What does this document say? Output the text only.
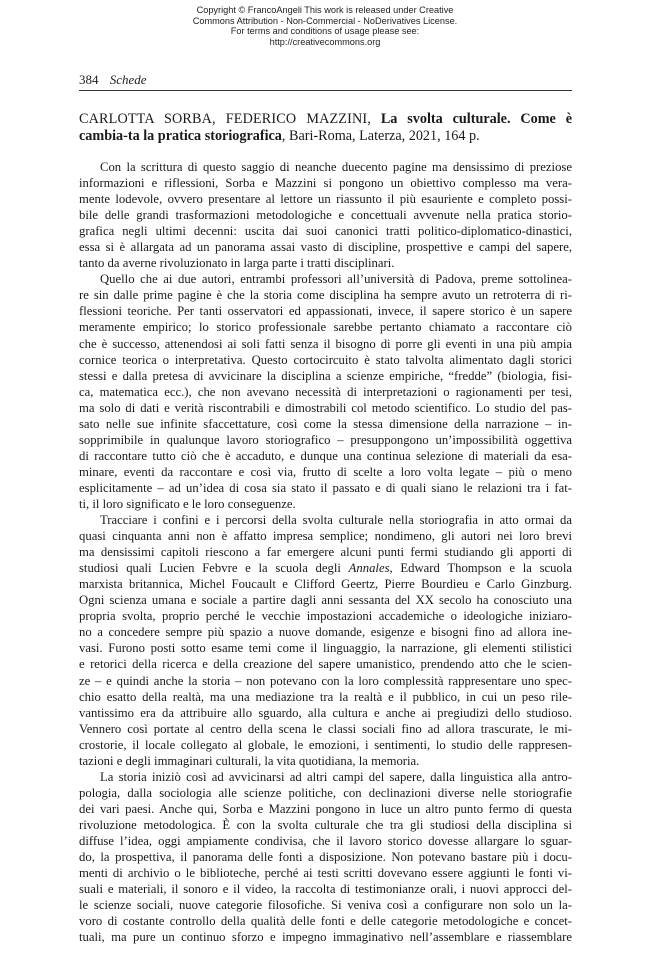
Copyright © FrancoAngeli This work is released under Creative
Commons Attribution - Non-Commercial - NoDerivatives License.
For terms and conditions of usage please see:
http://creativecommons.org
384 Schede
CARLOTTA SORBA, FEDERICO MAZZINI, La svolta culturale. Come è cambia-ta la pratica storiografica, Bari-Roma, Laterza, 2021, 164 p.
Con la scrittura di questo saggio di neanche duecento pagine ma densissimo di preziose
informazioni e riflessioni, Sorba e Mazzini si pongono un obiettivo complesso ma vera-
mente lodevole, ovvero presentare al lettore un riassunto il più esauriente e completo possi-
bile delle grandi trasformazioni metodologiche e concettuali avvenute nella pratica storio-
grafica negli ultimi decenni: uscita dai suoi canonici tratti politico-diplomatico-dinastici,
essa si è allargata ad un panorama assai vasto di discipline, prospettive e campi del sapere,
tanto da averne rivoluzionato in larga parte i tratti disciplinari.
Quello che ai due autori, entrambi professori all’università di Padova, preme sottolinea-
re sin dalle prime pagine è che la storia come disciplina ha sempre avuto un retroterra di ri-
flessioni teoriche. Per tanti osservatori ed appassionati, invece, il sapere storico è un sapere
meramente empirico; lo storico professionale sarebbe pertanto chiamato a raccontare ciò
che è successo, attenendosi ai soli fatti senza il bisogno di porre gli eventi in una più ampia
cornice teorica o interpretativa. Questo cortocircuito è stato talvolta alimentato dagli storici
stessi e dalla pretesa di avvicinare la disciplina a scienze empiriche, “fredde” (biologia, fisi-
ca, matematica ecc.), che non avevano necessità di interpretazioni o ragionamenti per tesi,
ma solo di dati e verità riscontrabili e dimostrabili col metodo scientifico. Lo studio del pas-
sato nelle sue infinite sfaccettature, così come la stessa dimensione della narrazione – in-
sopprimibile in qualunque lavoro storiografico – presuppongono un’impossibilità oggettiva
di raccontare tutto ciò che è accaduto, e dunque una continua selezione di materiali da esa-
minare, eventi da raccontare e così via, frutto di scelte a loro volta legate – più o meno
esplicitamente – ad un’idea di cosa sia stato il passato e di quali siano le relazioni tra i fat-
ti, il loro significato e le loro conseguenze.
Tracciare i confini e i percorsi della svolta culturale nella storiografia in atto ormai da
quasi cinquanta anni non è affatto impresa semplice; nondimeno, gli autori nei loro brevi
ma densissimi capitoli riescono a far emergere alcuni punti fermi studiando gli apporti di
studiosi quali Lucien Febvre e la scuola degli Annales, Edward Thompson e la scuola
marxista britannica, Michel Foucault e Clifford Geertz, Pierre Bourdieu e Carlo Ginzburg.
Ogni scienza umana e sociale a partire dagli anni sessanta del XX secolo ha conosciuto una
propria svolta, proprio perché le vecchie impostazioni accademiche o ideologiche iniziaro-
no a concedere sempre più spazio a nuove domande, esigenze e bisogni fino ad allora ine-
vasi. Furono posti sotto esame temi come il linguaggio, la narrazione, gli elementi stilistici
e retorici della ricerca e della creazione del sapere umanistico, prendendo atto che le scien-
ze – e quindi anche la storia – non potevano con la loro complessità rappresentare uno spec-
chio esatto della realtà, ma una mediazione tra la realtà e il pubblico, in cui un peso rile-
vantissimo era da attribuire allo sguardo, alla cultura e anche ai pregiudizi dello studioso.
Vennero così portate al centro della scena le classi sociali fino ad allora trascurate, le mi-
crostorie, il locale collegato al globale, le emozioni, i sentimenti, lo studio delle rappresen-
tazioni e degli immaginari culturali, la vita quotidiana, la memoria.
La storia iniziò così ad avvicinarsi ad altri campi del sapere, dalla linguistica alla antro-
pologia, dalla sociologia alle scienze politiche, con declinazioni diverse nelle storiografie
dei vari paesi. Anche qui, Sorba e Mazzini pongono in luce un altro punto fermo di questa
rivoluzione metodologica. È con la svolta culturale che tra gli studiosi della disciplina si
diffuse l’idea, oggi ampiamente condivisa, che il lavoro storico dovesse allargare lo sguar-
do, la prospettiva, il panorama delle fonti a disposizione. Non potevano bastare più i docu-
menti di archivio o le biblioteche, perché ai testi scritti dovevano essere aggiunti le fonti vi-
suali e materiali, il sonoro e il video, la raccolta di testimonianze orali, i nuovi approcci del-
le scienze sociali, nuove categorie filosofiche. Si veniva così a configurare non solo un la-
voro di costante controllo della qualità delle fonti e delle categorie metodologiche e concet-
tuali, ma pure un continuo sforzo e impegno immaginativo nell’assemblare e riassemblare
